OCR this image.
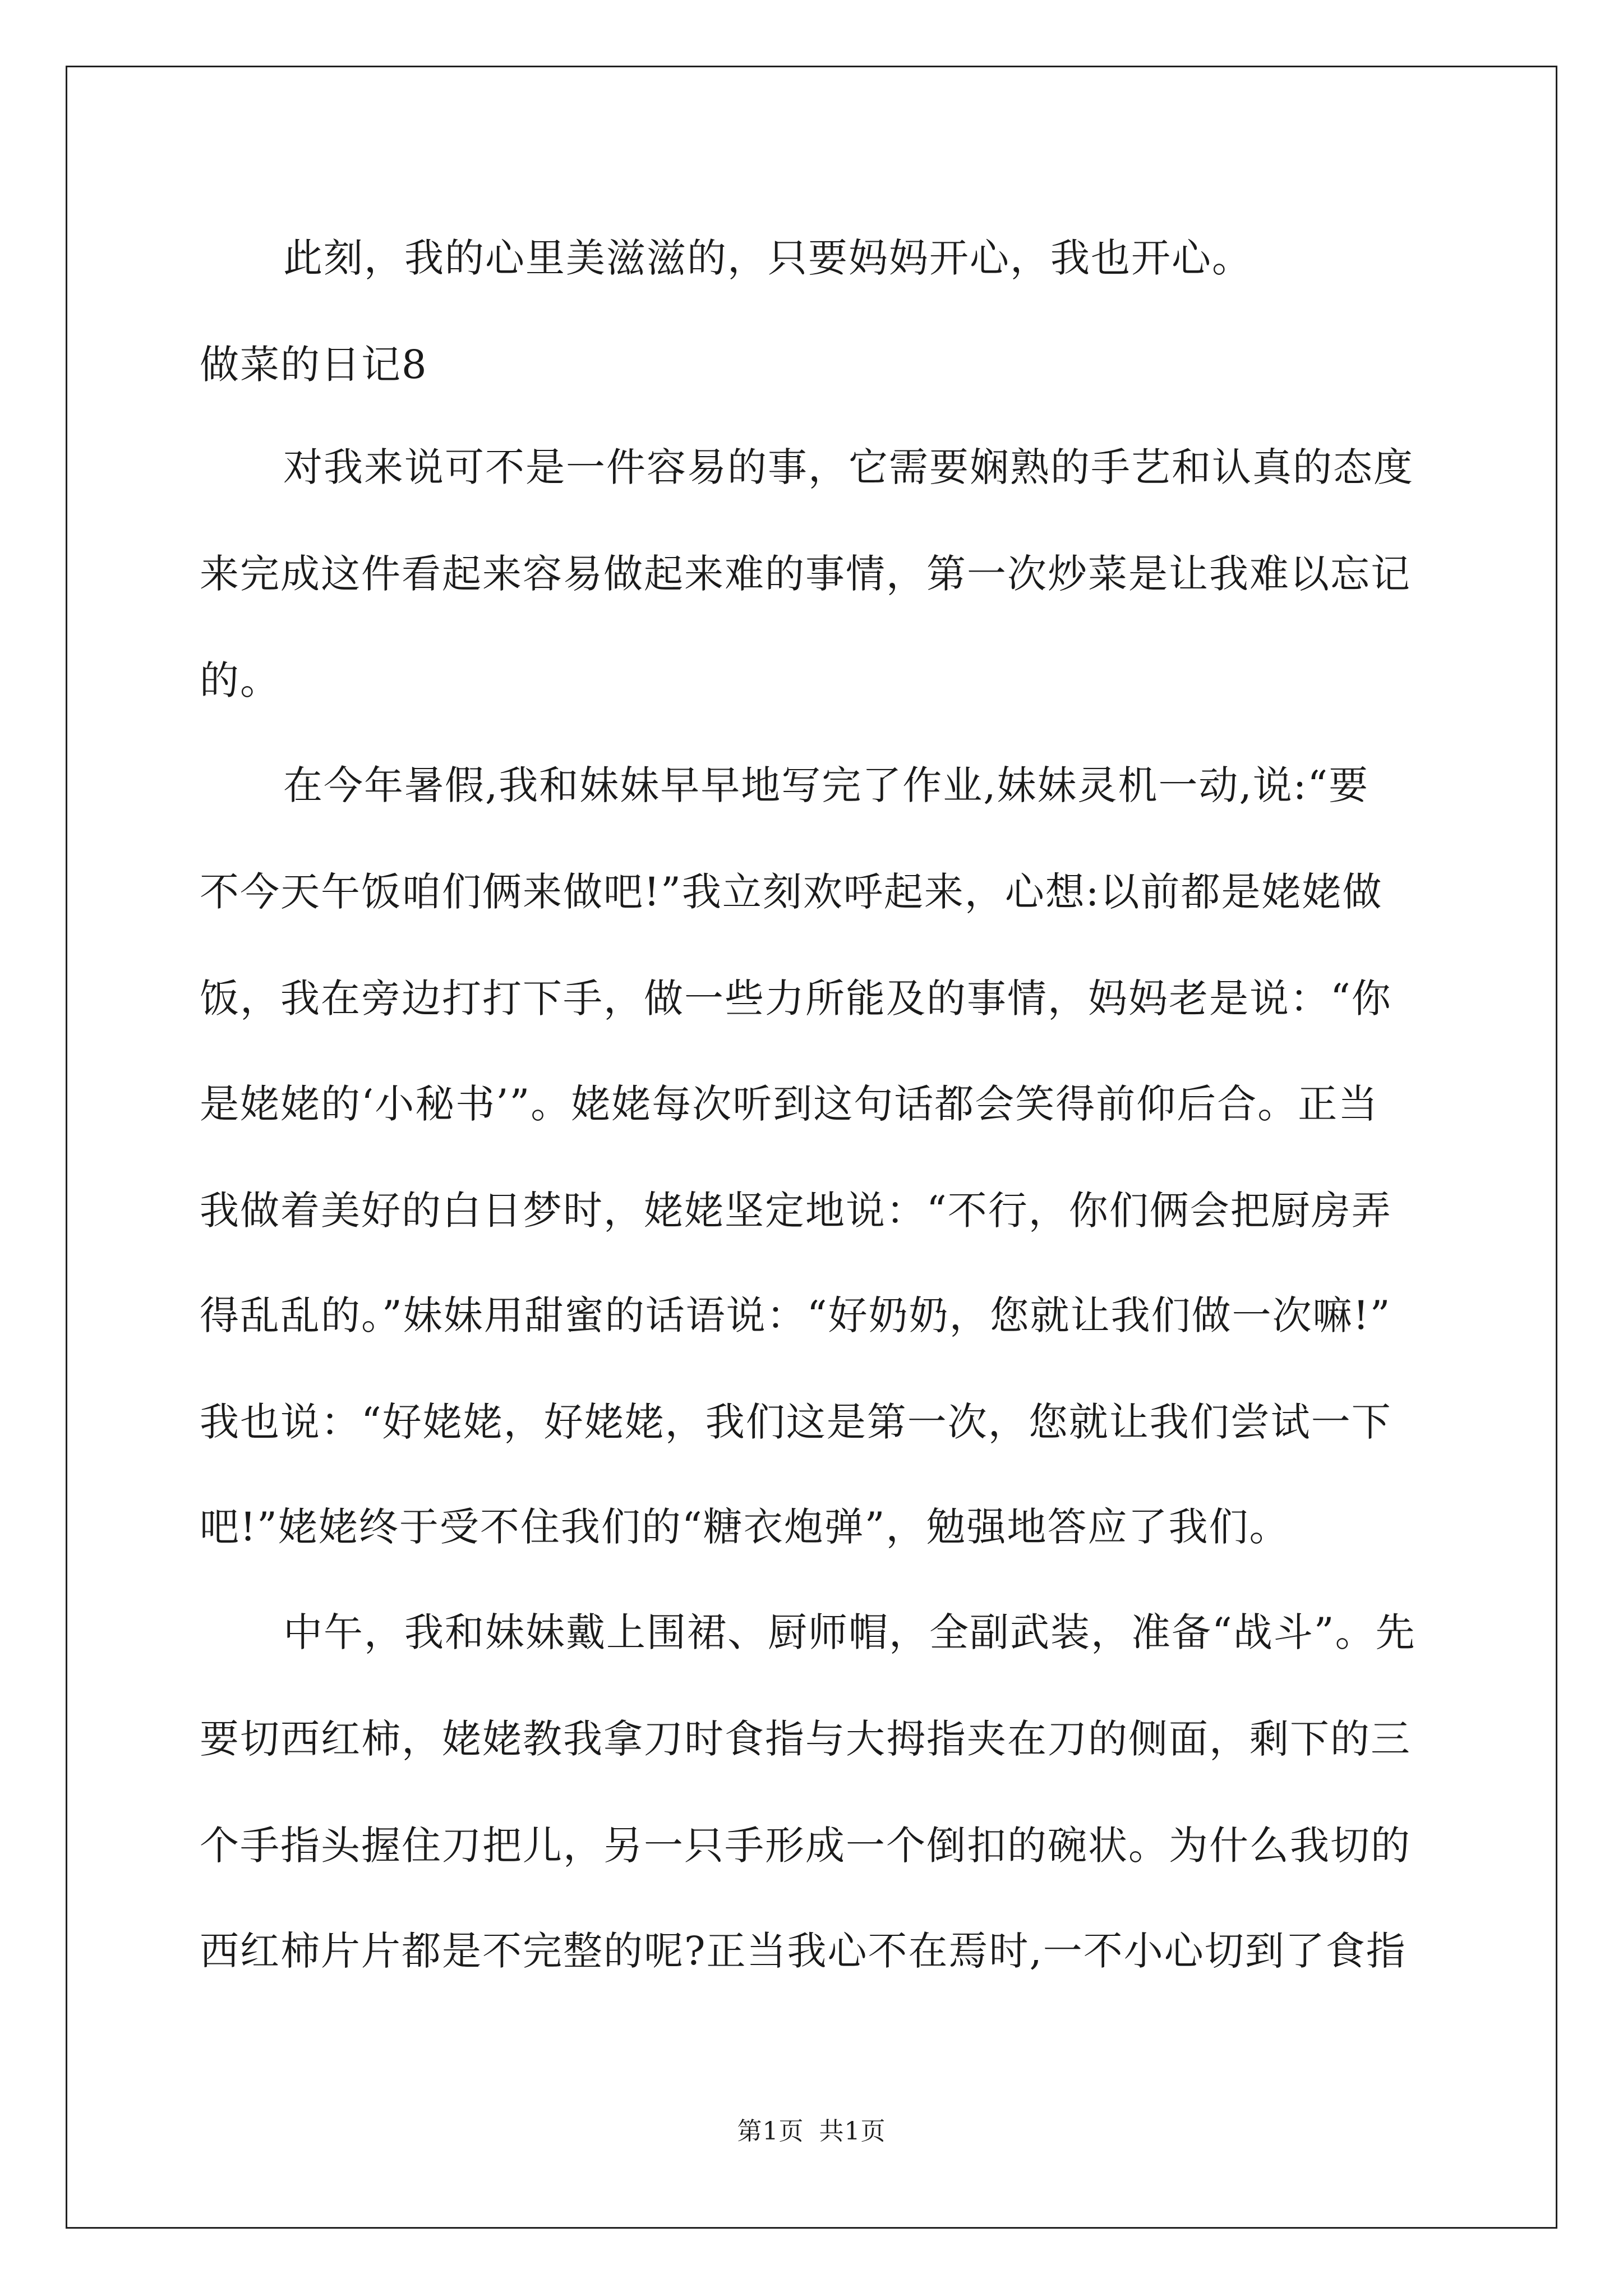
此刻，我的心里美滋滋的，只要妈妈开心，我也开心。
做菜的日记8
对我来说可不是一件容易的事，它需要娴熟的手艺和认真的态度
来完成这件看起来容易做起来难的事情，第一次炒菜是让我难以忘记
的。
在今年暑假,我和妹妹早早地写完了作业,妹妹灵机一动,说:“要
不今天午饭咱们俩来做吧!”我立刻欢呼起来，心想:以前都是姥姥做
饭，我在旁边打打下手，做一些力所能及的事情，妈妈老是说：“你
是姥姥的‘小秘书’”。姥姥每次听到这句话都会笑得前仰后合。正当
我做着美好的白日梦时，姥姥坚定地说：“不行，你们俩会把厨房弄
得乱乱的。”妹妹用甜蜜的话语说：“好奶奶，您就让我们做一次嘛!”
我也说：“好姥姥，好姥姥，我们这是第一次，您就让我们尝试一下
吧!”姥姥终于受不住我们的“糖衣炮弹”，勉强地答应了我们。
中午，我和妹妹戴上围裙、厨师帽，全副武装，准备“战斗”。先
要切西红柿，姥姥教我拿刀时食指与大拇指夹在刀的侧面，剩下的三
个手指头握住刀把儿，另一只手形成一个倒扣的碗状。为什么我切的
西红柿片片都是不完整的呢?正当我心不在焉时,一不小心切到了食指
第1页 共1页
